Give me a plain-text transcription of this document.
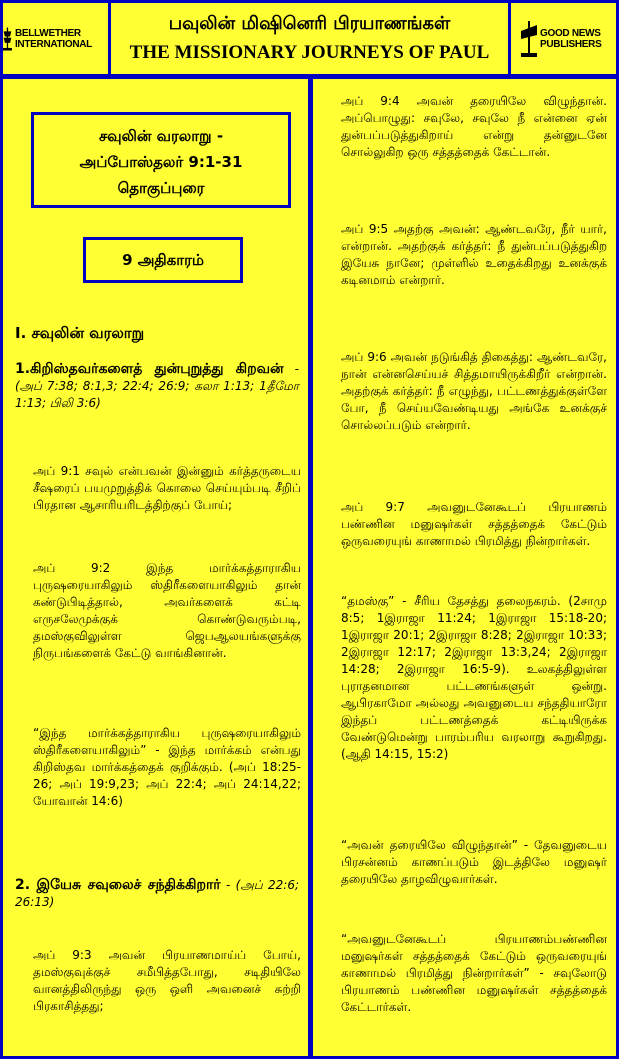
BELLWETHER INTERNATIONAL
பவுலின் மிஷினெரி பிரயாணங்கள்
THE MISSIONARY JOURNEYS OF PAUL
GOOD NEWS PUBLISHERS
சவுலின் வரலாறு -
அப்போஸ்தலர் 9:1-31
தொகுப்புரை
9 அதிகாரம்
I. சவுலின் வரலாறு
1.கிறிஸ்தவர்களைத் துன்புறுத்து கிறவன் - (அப் 7:38; 8:1,3; 22:4; 26:9; கலா 1:13; 1தீமோ 1:13; பிலி 3:6)
அப் 9:1 சவுல் என்பவன் இன்னும் கர்த்தருடைய சீஷரைப் பயமுறுத்திக் கொலை செய்யும்படி சீறிப் பிரதான ஆசாரியரிடத்திற்குப் போய்;
அப் 9:2 இந்த மார்க்கத்தாராகிய புருஷரையாகிலும் ஸ்திரீகளையாகிலும் தான் கண்டுபிடித்தால், அவர்களைக் கட்டி எருசலேமுக்குக் கொண்டுவரும்படி, தமஸ்குவிலுள்ள ஜெபஆலயங்களுக்கு நிருபங்களைக் கேட்டு வாங்கினான்.
“இந்த மார்க்கத்தாராகிய புருஷரையாகிலும் ஸ்திரீகளையாகிலும்” - இந்த மார்க்கம் என்பது கிறிஸ்தவ மார்க்கத்தைக் குறிக்கும். (அப் 18:25-26; அப் 19:9,23; அப் 22:4; அப் 24:14,22; யோவான் 14:6)
2. இயேசு சவுலைச் சந்திக்கிறார் - (அப் 22:6; 26:13)
அப் 9:3 அவன் பிரயாணமாய்ப் போய், தமஸ்குவுக்குச் சமீபித்தபோது, சடிதியிலே வானத்திலிருந்து ஒரு ஒளி அவனைச் சுற்றி பிரகாசித்தது;
அப் 9:4 அவன் தரையிலே விழுந்தான். அப்பொழுது: சவுலே, சவுலே நீ என்னை ஏன் துன்பப்படுத்துகிறாய் என்று தன்னுடனே சொல்லுகிற ஒரு சத்தத்தைக் கேட்டான்.
அப் 9:5 அதற்கு அவன்: ஆண்டவரே, நீர் யார், என்றான். அதற்குக் கர்த்தர்: நீ துன்பப்படுத்துகிற இயேசு நானே; முள்ளில் உதைக்கிறது உனக்குக் கடினமாம் என்றார்.
அப் 9:6 அவன் நடுங்கித் திகைத்து: ஆண்டவரே, நான் என்னசெய்யச் சித்தமாயிருக்கிறீர் என்றான். அதற்குக் கர்த்தர்: நீ எழுந்து, பட்டணத்துக்குள்ளே போ, நீ செய்யவேண்டியது அங்கே உனக்குச் சொல்லப்படும் என்றார்.
அப் 9:7 அவனுடனேகூடப் பிரயாணம் பண்ணின மனுஷர்கள் சத்தத்தைக் கேட்டும் ஒருவரையுங் காணாமல் பிரமித்து நின்றார்கள்.
“தமஸ்கு” - சீரிய தேசத்து தலைநகரம். (2சாமு 8:5; 1இராஜா 11:24; 1இராஜா 15:18-20; 1இராஜா 20:1; 2இராஜா 8:28; 2இராஜா 10:33; 2இராஜா 12:17; 2இராஜா 13:3,24; 2இராஜா 14:28; 2இராஜா 16:5-9). உலகத்திலுள்ள புராதனமான பட்டணங்களுள் ஒன்று. ஆபிரகாமோ அல்லது அவனுடைய சந்ததியாரோ இந்தப் பட்டணத்தைக் கட்டியிருக்க வேண்டுமென்று பாரம்பரிய வரலாறு கூறுகிறது. (ஆதி 14:15, 15:2)
“அவன் தரையிலே விழுந்தான்” - தேவனுடைய பிரசன்னம் காணப்படும் இடத்திலே மனுஷர் தரையிலே தாழவிழுவார்கள்.
“அவனுடனேகூடப் பிரயாணம்பண்ணின மனுஷர்கள் சத்தத்தைக் கேட்டும் ஒருவரையுங் காணாமல் பிரமித்து நின்றார்கள்” - சவுலோடு பிரயாணம் பண்ணின மனுஷர்கள் சத்தத்தைக் கேட்டார்கள்.
